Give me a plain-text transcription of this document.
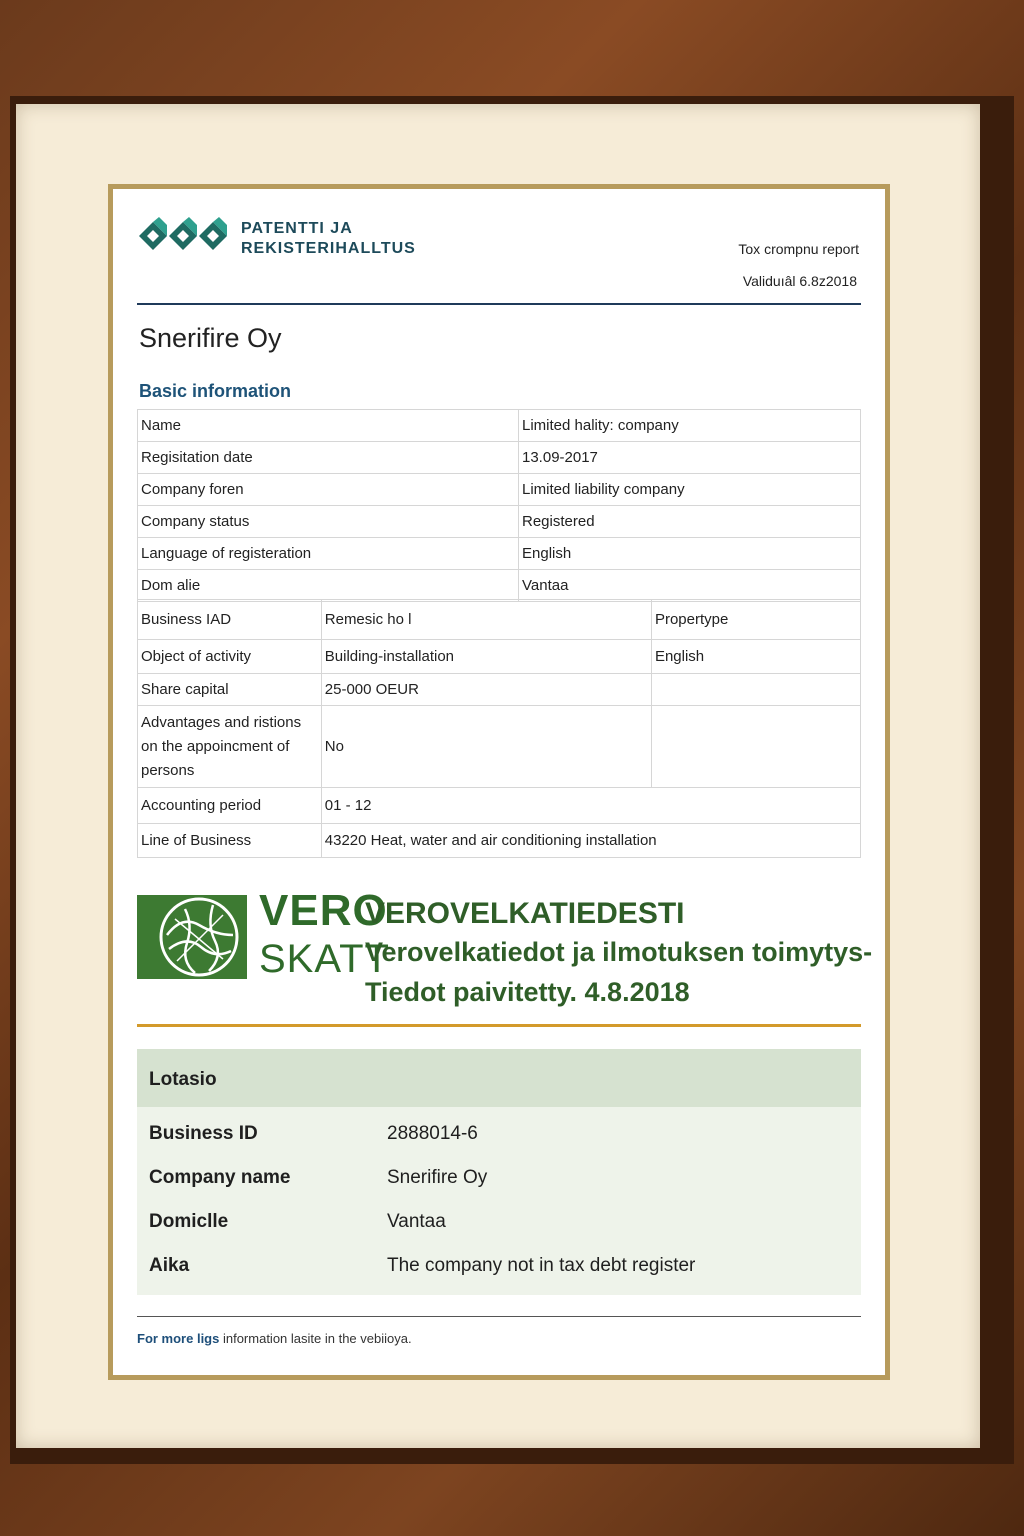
PATENTTI JA
REKISTERIHALLTUS	Tox crompnu report
Validuıâl 6.8z2018
Snerifire Oy
Basic information
Name	Limited hality: company
Regisitation date	13.09-2017
Company foren	Limited liability company
Company status	Registered
Language of registeration	English
Dom alie	Vantaa
Business IAD	Remesic ho l	Propertype
Object of activity	Building-installation	English
Share capital	25-000 OEUR	
Advantages and ristions on the appoincment of persons	No	
Accounting period	01 - 12	
Line of Business	43220 Heat, water and air conditioning installation	
VERO
SKATT
VEROVELKATIEDESTI
Verovelkatiedot ja ilmotuksen toimytys-
Tiedot paivitetty. 4.8.2018
Lotasio
Business ID	2888014-6
Company name	Snerifire Oy
Domiclle	Vantaa
Aika	The company not in tax debt register
For more ligs information lasite in the vebiioya.
